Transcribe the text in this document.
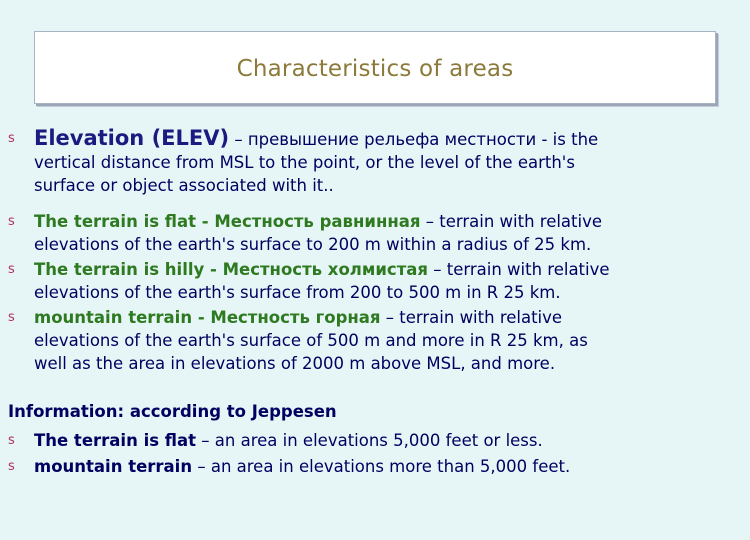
Characteristics of areas
s Elevation (ELEV) – превышение рельефа местности - is the
vertical distance from MSL to the point, or the level of the earth's
surface or object associated with it..
s The terrain is flat - Местность равнинная – terrain with relative
elevations of the earth's surface to 200 m within a radius of 25 km.
s The terrain is hilly - Местность холмистая – terrain with relative
elevations of the earth's surface from 200 to 500 m in R 25 km.
s mountain terrain - Местность горная – terrain with relative
elevations of the earth's surface of 500 m and more in R 25 km, as
well as the area in elevations of 2000 m above MSL, and more.
Information: according to Jeppesen
s The terrain is flat – an area in elevations 5,000 feet or less.
s mountain terrain – an area in elevations more than 5,000 feet.
